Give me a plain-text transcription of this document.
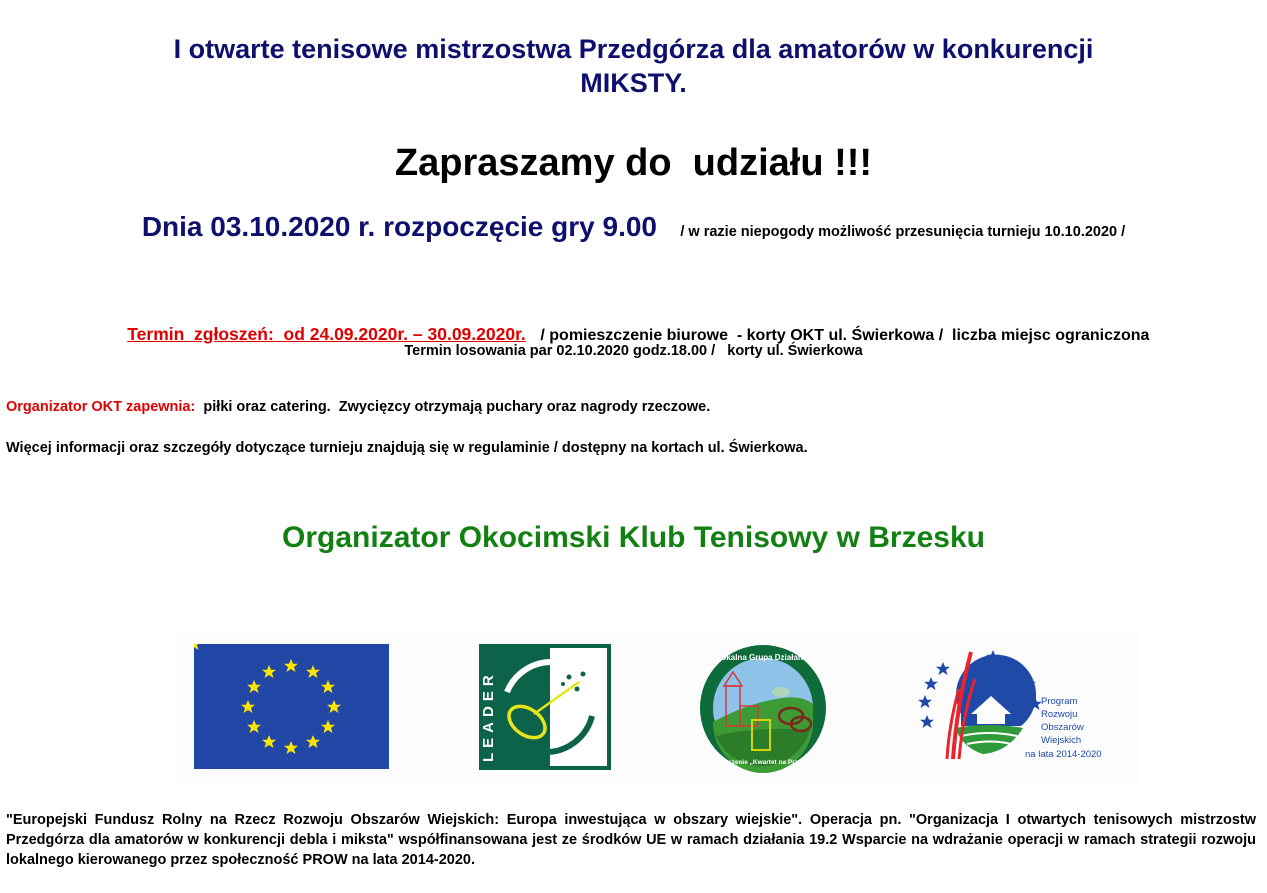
I otwarte tenisowe mistrzostwa Przedgórza dla amatorów w konkurencji
MIKSTY.
Zapraszamy do  udziału !!!
Dnia 03.10.2020 r. rozpoczęcie gry 9.00 / w razie niepogody możliwość przesunięcia turnieju 10.10.2020 /

Termin  zgłoszeń:  od 24.09.2020r. – 30.09.2020r. / pomieszczenie biurowe  - korty OKT ul. Świerkowa /  liczba miejsc ograniczona

Termin losowania par 02.10.2020 godz.18.00 /   korty ul. Świerkowa
Organizator OKT zapewnia:  piłki oraz catering.  Zwycięzcy otrzymają puchary oraz nagrody rzeczowe.
Więcej informacji oraz szczegóły dotyczące turnieju znajdują się w regulaminie / dostępny na kortach ul. Świerkowa.
Organizator Okocimski Klub Tenisowy w Brzesku
LEADER
Lokalna Grupa Działania
Stowarzyszenie „Kwartet na Przedgórzu”
Program
Rozwoju
Obszarów
Wiejskich
na lata 2014-2020
"Europejski Fundusz Rolny na Rzecz Rozwoju Obszarów Wiejskich: Europa inwestująca w obszary wiejskie". Operacja pn. "Organizacja I otwartych tenisowych mistrzostw Przedgórza dla amatorów w konkurencji debla i miksta" współfinansowana jest ze środków UE w ramach działania 19.2 Wsparcie na wdrażanie operacji w ramach strategii rozwoju lokalnego kierowanego przez społeczność PROW na lata 2014-2020.
